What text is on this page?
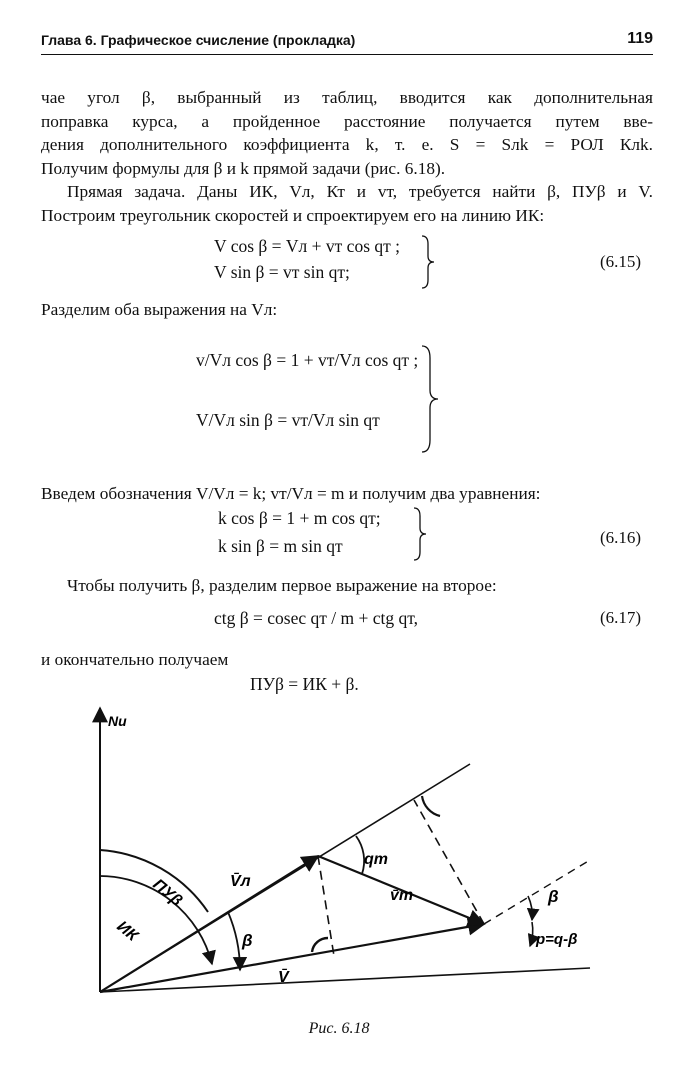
Глава 6. Графическое счисление (прокладка)	119
чае угол β, выбранный из таблиц, вводится как дополнительная
поправка курса, а пройденное расстояние получается путем вве-
дения дополнительного коэффициента k, т. е. S = Sлk = РОЛ Клk.
Получим формулы для β и k прямой задачи (рис. 6.18).
Прямая задача. Даны ИК, Vл, Кт и vт, требуется найти β, ПУβ и V.
Построим треугольник скоростей и спроектируем его на линию ИК:
V cos β = Vл + vт cos qт ;
V sin β = vт sin qт;
(6.15)
Разделим оба выражения на Vл:
v/Vл cos β = 1 + vт/Vл cos qт ;
V/Vл sin β = vт/Vл sin qт
Введем обозначения V/Vл = k; vт/Vл = m и получим два уравнения:
k cos β = 1 + m cos qт;
k sin β = m sin qт	(6.16)
Чтобы получить β, разделим первое выражение на второе:
ctg β = cosec qт / m + ctg qт,	(6.17)
и окончательно получаем
ПУβ = ИК + β.
Nи
ПУβ
ИК
V̄л
v̄т
V̄
β
qт
β
p=q-β
Рис. 6.18
